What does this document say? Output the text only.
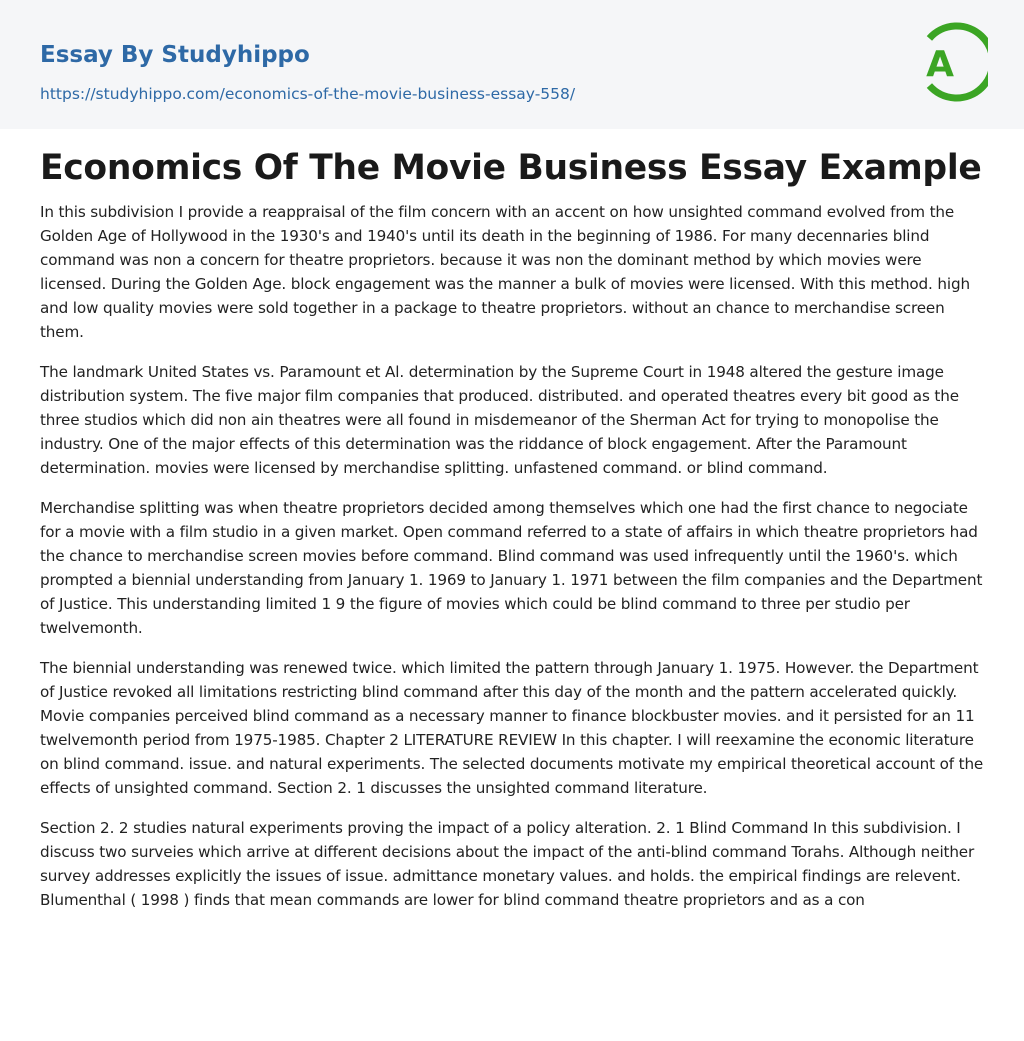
Essay By Studyhippo
https://studyhippo.com/economics-of-the-movie-business-essay-558/
A
Economics Of The Movie Business Essay Example

In this subdivision I provide a reappraisal of the film concern with an accent on how unsighted command evolved from the Golden Age of Hollywood in the 1930's and 1940's until its death in the beginning of 1986. For many decennaries blind command was non a concern for theatre proprietors. because it was non the dominant method by which movies were licensed. During the Golden Age. block engagement was the manner a bulk of movies were licensed. With this method. high and low quality movies were sold together in a package to theatre proprietors. without an chance to merchandise screen them.

The landmark United States vs. Paramount et Al. determination by the Supreme Court in 1948 altered the gesture image distribution system. The five major film companies that produced. distributed. and operated theatres every bit good as the three studios which did non ain theatres were all found in misdemeanor of the Sherman Act for trying to monopolise the industry. One of the major effects of this determination was the riddance of block engagement. After the Paramount determination. movies were licensed by merchandise splitting. unfastened command. or blind command.

Merchandise splitting was when theatre proprietors decided among themselves which one had the first chance to negociate for a movie with a film studio in a given market. Open command referred to a state of affairs in which theatre proprietors had the chance to merchandise screen movies before command. Blind command was used infrequently until the 1960's. which prompted a biennial understanding from January 1. 1969 to January 1. 1971 between the film companies and the Department of Justice. This understanding limited 1 9 the figure of movies which could be blind command to three per studio per twelvemonth.

The biennial understanding was renewed twice. which limited the pattern through January 1. 1975. However. the Department of Justice revoked all limitations restricting blind command after this day of the month and the pattern accelerated quickly. Movie companies perceived blind command as a necessary manner to finance blockbuster movies. and it persisted for an 11 twelvemonth period from 1975-1985. Chapter 2 LITERATURE REVIEW In this chapter. I will reexamine the economic literature on blind command. issue. and natural experiments. The selected documents motivate my empirical theoretical account of the effects of unsighted command. Section 2. 1 discusses the unsighted command literature.

Section 2. 2 studies natural experiments proving the impact of a policy alteration. 2. 1 Blind Command In this subdivision. I discuss two surveies which arrive at different decisions about the impact of the anti-blind command Torahs. Although neither survey addresses explicitly the issues of issue. admittance monetary values. and holds. the empirical findings are relevent. Blumenthal ( 1998 ) finds that mean commands are lower for blind command theatre proprietors and as a con
